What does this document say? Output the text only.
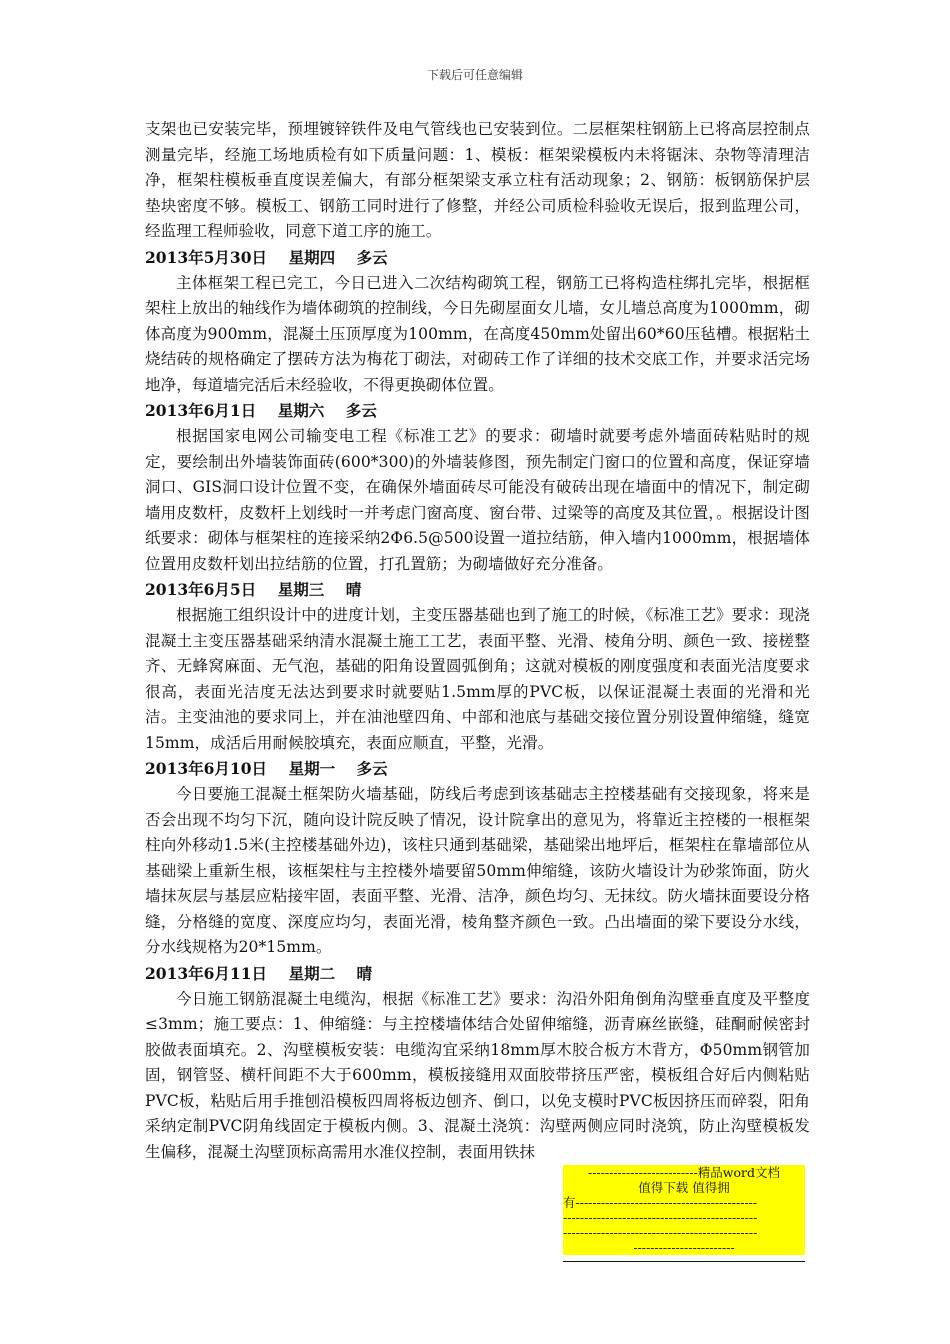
下载后可任意编辑

支架也已安装完毕，预埋镀锌铁件及电气管线也已安装到位。二层框架柱钢筋上已将高层控制点测量完毕，经施工场地质检有如下质量问题：1、模板：框架梁模板内未将锯沫、杂物等清理洁净，框架柱模板垂直度误差偏大，有部分框架梁支承立柱有活动现象；2、钢筋：板钢筋保护层垫块密度不够。模板工、钢筋工同时进行了修整，并经公司质检科验收无误后，报到监理公司，经监理工程师验收，同意下道工序的施工。

2013年5月30日    星期四    多云

主体框架工程已完工，今日已进入二次结构砌筑工程，钢筋工已将构造柱绑扎完毕，根据框架柱上放出的轴线作为墙体砌筑的控制线，今日先砌屋面女儿墙，女儿墙总高度为1000mm，砌体高度为900mm，混凝土压顶厚度为100mm，在高度450mm处留出60*60压毡槽。根据粘土烧结砖的规格确定了摆砖方法为梅花丁砌法，对砌砖工作了详细的技术交底工作，并要求活完场地净，每道墙完活后未经验收，不得更换砌体位置。

2013年6月1日    星期六    多云

根据国家电网公司输变电工程《标准工艺》的要求：砌墙时就要考虑外墙面砖粘贴时的规定，要绘制出外墙装饰面砖(600*300)的外墙装修图，预先制定门窗口的位置和高度，保证穿墙洞口、GIS洞口设计位置不变，在确保外墙面砖尽可能没有破砖出现在墙面中的情况下，制定砌墙用皮数杆，皮数杆上划线时一并考虑门窗高度、窗台带、过梁等的高度及其位置，。根据设计图纸要求：砌体与框架柱的连接采纳2Φ6.5@500设置一道拉结筋，伸入墙内1000mm，根据墙体位置用皮数杆划出拉结筋的位置，打孔置筋；为砌墙做好充分准备。

2013年6月5日    星期三    晴

根据施工组织设计中的进度计划，主变压器基础也到了施工的时候，《标准工艺》要求：现浇混凝土主变压器基础采纳清水混凝土施工工艺，表面平整、光滑、棱角分明、颜色一致、接槎整齐、无蜂窝麻面、无气泡，基础的阳角设置圆弧倒角；这就对模板的刚度强度和表面光洁度要求很高，表面光洁度无法达到要求时就要贴1.5mm厚的PVC板，以保证混凝土表面的光滑和光洁。主变油池的要求同上，并在油池壁四角、中部和池底与基础交接位置分别设置伸缩缝，缝宽15mm，成活后用耐候胶填充，表面应顺直，平整，光滑。

2013年6月10日    星期一    多云

今日要施工混凝土框架防火墙基础，防线后考虑到该基础志主控楼基础有交接现象，将来是否会出现不均匀下沉，随向设计院反映了情况，设计院拿出的意见为，将靠近主控楼的一根框架柱向外移动1.5米(主控楼基础外边)，该柱只通到基础梁，基础梁出地坪后，框架柱在靠墙部位从基础梁上重新生根，该框架柱与主控楼外墙要留50mm伸缩缝，该防火墙设计为砂浆饰面，防火墙抹灰层与基层应粘接牢固，表面平整、光滑、洁净，颜色均匀、无抹纹。防火墙抹面要设分格缝，分格缝的宽度、深度应均匀，表面光滑，棱角整齐颜色一致。凸出墙面的梁下要设分水线，分水线规格为20*15mm。

2013年6月11日    星期二    晴

今日施工钢筋混凝土电缆沟，根据《标准工艺》要求：沟沿外阳角倒角沟壁垂直度及平整度≤3mm；施工要点：1、伸缩缝：与主控楼墙体结合处留伸缩缝，沥青麻丝嵌缝，硅酮耐候密封胶做表面填充。2、沟壁模板安装：电缆沟宜采纳18mm厚木胶合板方木背方，Φ50mm钢管加固，钢管竖、横杆间距不大于600mm，模板接缝用双面胶带挤压严密，模板组合好后内侧粘贴PVC板，粘贴后用手推刨沿模板四周将板边刨齐、倒口，以免支模时PVC板因挤压而碎裂，阳角采纳定制PVC阴角线固定于模板内侧。3、混凝土浇筑：沟壁两侧应同时浇筑，防止沟壁模板发生偏移，混凝土沟壁顶标高需用水准仪控制，表面用铁抹

--------------------------精品word文档
值得下载 值得拥
有-------------------------------------------
----------------------------------------------
----------------------------------------------
------------------------
